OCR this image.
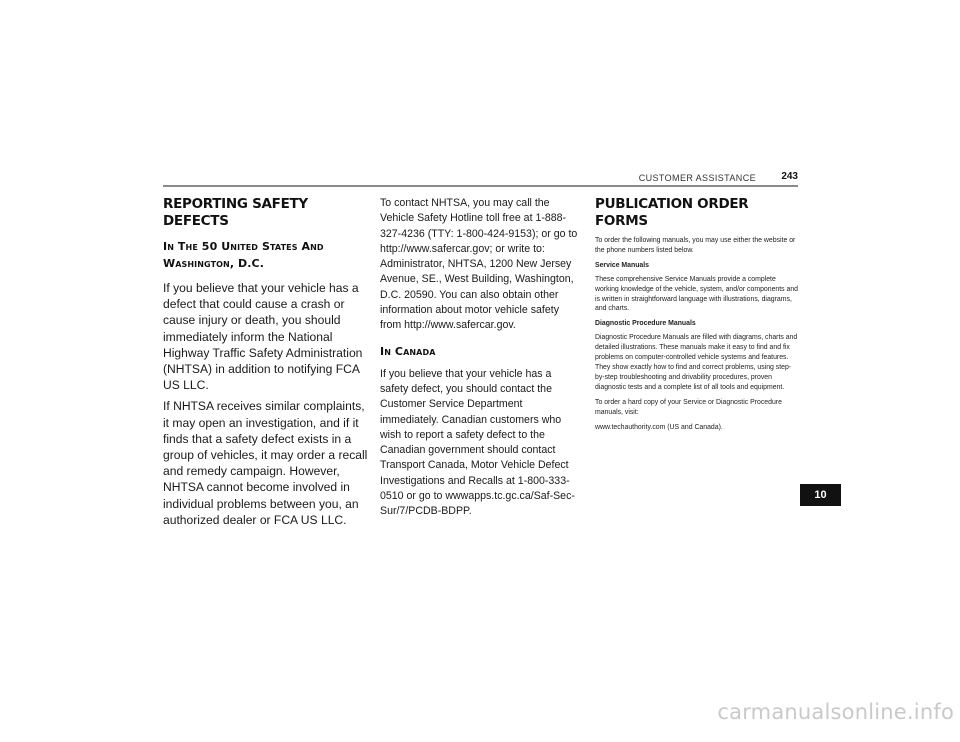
CUSTOMER ASSISTANCE	243
REPORTING SAFETY DEFECTS
In The 50 United States And Washington, D.C.

If you believe that your vehicle has a defect that could cause a crash or cause injury or death, you should immediately inform the National Highway Traffic Safety Administration (NHTSA) in addition to notifying FCA US LLC.

If NHTSA receives similar complaints, it may open an investigation, and if it finds that a safety defect exists in a group of vehicles, it may order a recall and remedy campaign. However, NHTSA cannot become involved in individual problems between you, an authorized dealer or FCA US LLC.

To contact NHTSA, you may call the Vehicle Safety Hotline toll free at 1-888-327-4236 (TTY: 1-800-424-9153); or go to http://www.safercar.gov; or write to: Administrator, NHTSA, 1200 New Jersey Avenue, SE., West Building, Washington, D.C. 20590. You can also obtain other information about motor vehicle safety from http://www.safercar.gov.

In Canada

If you believe that your vehicle has a safety defect, you should contact the Customer Service Department immediately. Canadian customers who wish to report a safety defect to the Canadian government should contact Transport Canada, Motor Vehicle Defect Investigations and Recalls at 1-800-333-0510 or go to wwwapps.tc.gc.ca/Saf-Sec-Sur/7/PCDB-BDPP.

PUBLICATION ORDER FORMS

To order the following manuals, you may use either the website or the phone numbers listed below.

Service Manuals

These comprehensive Service Manuals provide a complete working knowledge of the vehicle, system, and/or components and is written in straightforward language with illustrations, diagrams, and charts.

Diagnostic Procedure Manuals

Diagnostic Procedure Manuals are filled with diagrams, charts and detailed illustrations. These manuals make it easy to find and fix problems on computer-controlled vehicle systems and features. They show exactly how to find and correct problems, using step-by-step troubleshooting and drivability procedures, proven diagnostic tests and a complete list of all tools and equipment.

To order a hard copy of your Service or Diagnostic Procedure manuals, visit:

www.techauthority.com (US and Canada).

10
carmanualsonline.info
